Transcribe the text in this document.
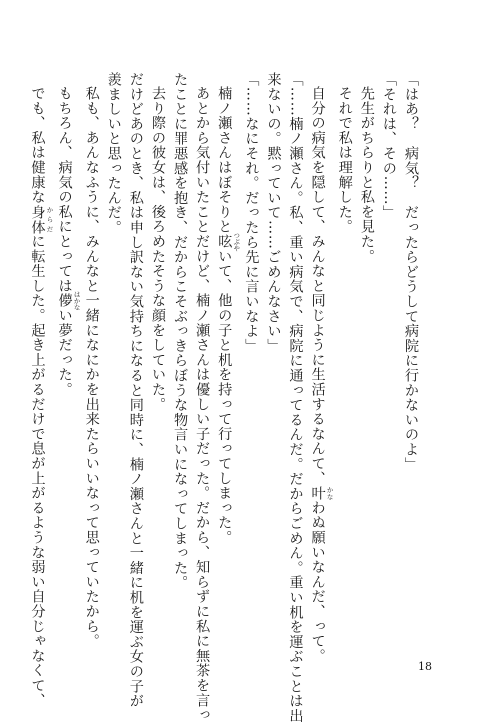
「はあ？　病気？　だったらどうして病院に行かないのよ」
「それは、その……」
先生がちらりと私を見た。
それで私は理解した。
自分の病気を隠して、みんなと同じように生活するなんて、叶 かなわぬ願いなんだ、って。
「……楠ノ瀬さん。私、重い病気で、病院に通ってるんだ。だからごめん。重い机を運ぶことは出
来ないの。黙っていて……ごめんなさい」
「……なにそれ。だったら先に言いなよ」
楠ノ瀬さんはぼそりと呟 つぶやいて、他の子と机を持って行ってしまった。
あとから気付いたことだけど、楠ノ瀬さんは優しい子だった。だから、知らずに私に無茶を言っ
たことに罪悪感を抱き、だからこそぶっきらぼうな物言いになってしまった。
去り際の彼女は、後ろめたそうな顔をしていた。
だけどあのとき、私は申し訳ない気持ちになると同時に、楠ノ瀬さんと一緒に机を運ぶ女の子が
羨ましいと思ったんだ。
私も、あんなふうに、みんなと一緒になにかを出来たらいいなって思っていたから。
もちろん、病気の私にとっては儚 はかない夢だった。
でも、私は健康な身体 からだに転生した。起き上がるだけで息が上がるような弱い自分じゃなくて、	18
